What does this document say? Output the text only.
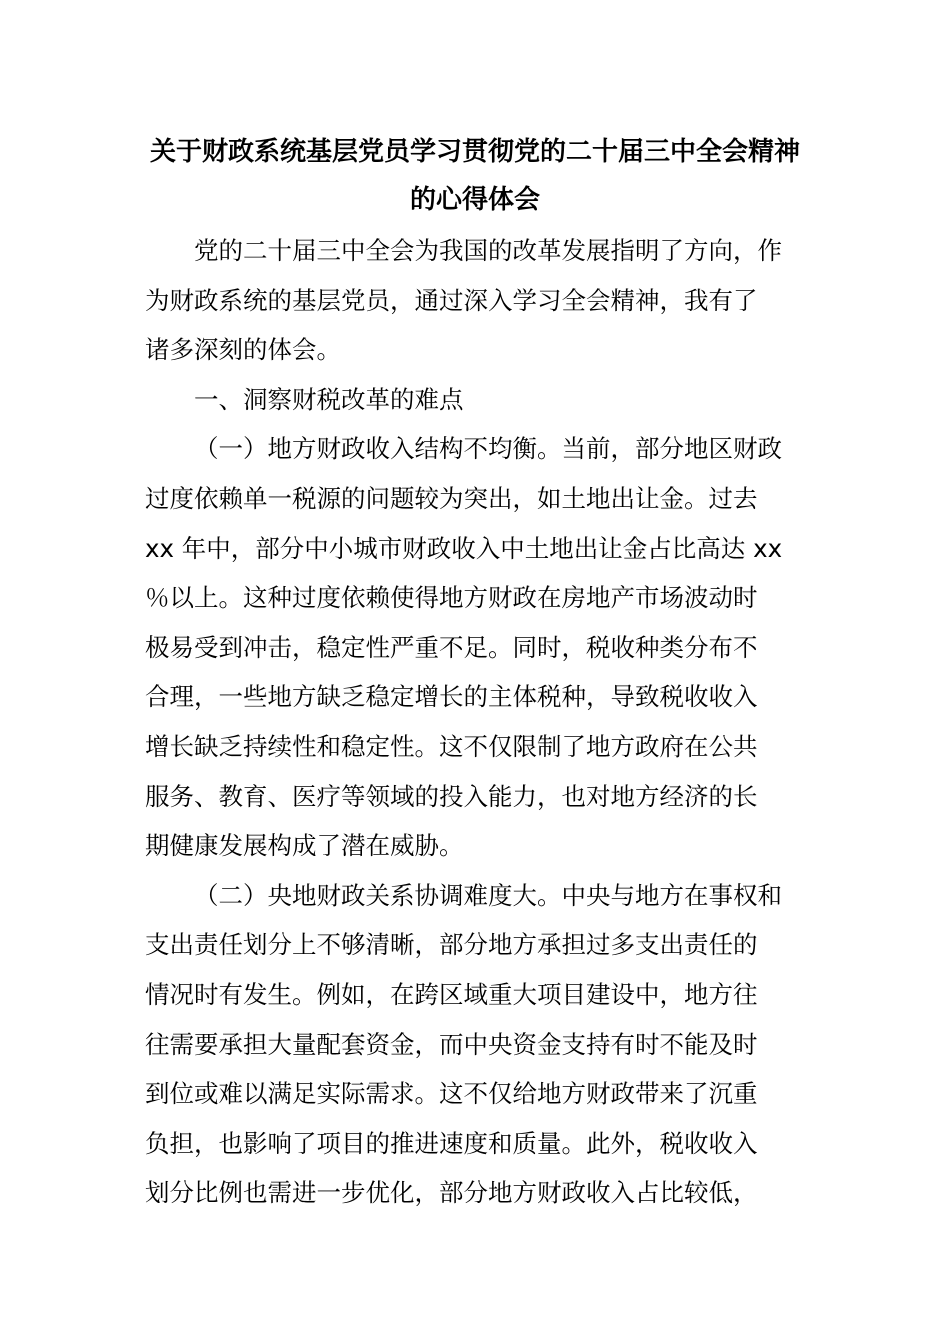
关于财政系统基层党员学习贯彻党的二十届三中全会精神
的心得体会
党的二十届三中全会为我国的改革发展指明了方向，作
为财政系统的基层党员，通过深入学习全会精神，我有了
诸多深刻的体会。
一、洞察财税改革的难点
（一）地方财政收入结构不均衡。当前，部分地区财政
过度依赖单一税源的问题较为突出，如土地出让金。过去
xx 年中，部分中小城市财政收入中土地出让金占比高达 xx
％以上。这种过度依赖使得地方财政在房地产市场波动时
极易受到冲击，稳定性严重不足。同时，税收种类分布不
合理，一些地方缺乏稳定增长的主体税种，导致税收收入
增长缺乏持续性和稳定性。这不仅限制了地方政府在公共
服务、教育、医疗等领域的投入能力，也对地方经济的长
期健康发展构成了潜在威胁。
（二）央地财政关系协调难度大。中央与地方在事权和
支出责任划分上不够清晰，部分地方承担过多支出责任的
情况时有发生。例如，在跨区域重大项目建设中，地方往
往需要承担大量配套资金，而中央资金支持有时不能及时
到位或难以满足实际需求。这不仅给地方财政带来了沉重
负担，也影响了项目的推进速度和质量。此外，税收收入
划分比例也需进一步优化，部分地方财政收入占比较低，
